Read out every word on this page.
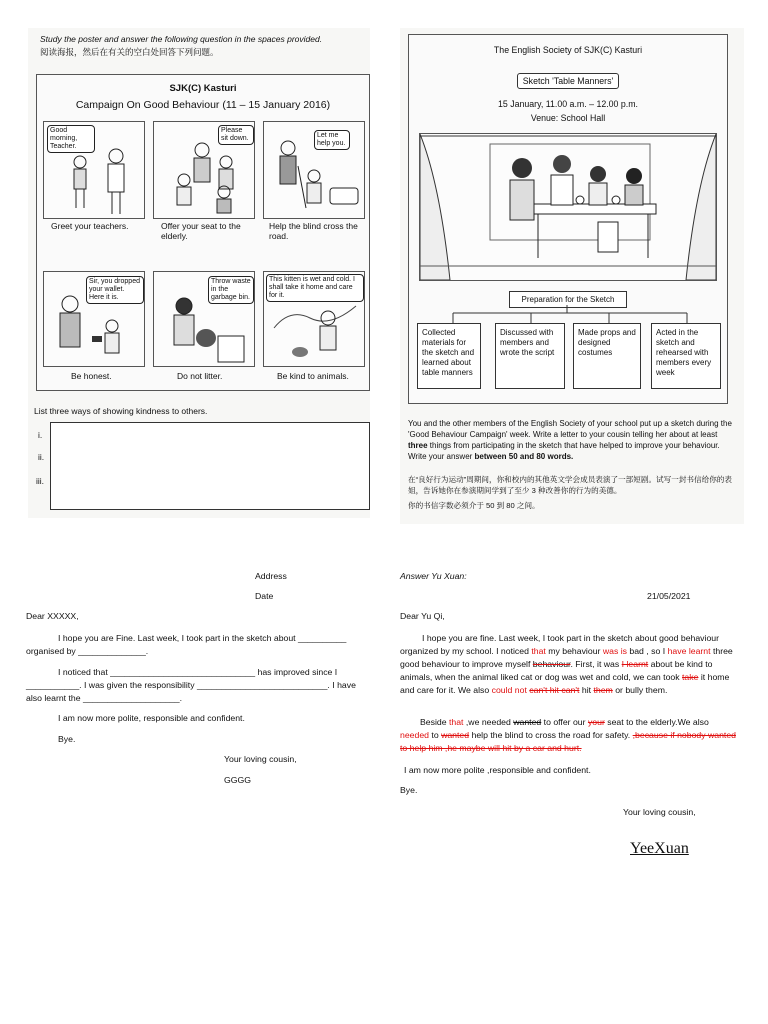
Study the poster and answer the following question in the spaces provided.
阅读海报，然后在有关的空白处回答下列问题。
SJK(C) Kasturi
Campaign On Good Behaviour (11 – 15 January 2016)
Good morning, Teacher.
Greet your teachers.
Please sit down.
Offer your seat to the elderly.
Let me help you.
Help the blind cross the road.
Sir, you dropped your wallet. Here it is.
Be honest.
Throw waste in the garbage bin.
Do not litter.
This kitten is wet and cold. I shall take it home and care for it.
Be kind to animals.
List three ways of showing kindness to others.
i.
ii.
iii.
The English Society of SJK(C) Kasturi
Sketch 'Table Manners'
15 January, 11.00 a.m. – 12.00 p.m.
Venue: School Hall
Preparation for the Sketch
Collected materials for the sketch and learned about table manners
Discussed with members and wrote the script
Made props and designed costumes
Acted in the sketch and rehearsed with members every week
You and the other members of the English Society of your school put up a sketch during the 'Good Behaviour Campaign' week. Write a letter to your cousin telling her about at least three things from participating in the sketch that have helped to improve your behaviour.
Write your answer between 50 and 80 words.
在“良好行为运动”周期间，你和校内的其他英文学会成员表演了一部短剧。试写一封书信给你的表姐，告诉她你在参演期间学到了至少 3 种改善你的行为的美德。
你的书信字数必须介于 50 到 80 之间。
Address
Date
Dear XXXXX,
I hope you are Fine. Last week, I took part in the sketch about __________ organised by ______________.
I noticed that ______________________________ has improved since I ___________. I was given the responsibility ___________________________. I have also learnt the ____________________.
I am now more polite, responsible and confident.
Bye.
Your loving cousin,
GGGG
Answer Yu Xuan:
21/05/2021
Dear Yu Qi,
I hope you are fine. Last week, I took part in the sketch about good behaviour organized by my school. I noticed that my behaviour was is bad , so I have learnt three good behaviour to improve myself behaviour. First, it was I learnt about be kind to animals, when the animal liked cat or dog was wet and cold, we can took take it home and care for it. We also could not can't hit can't hit them or bully them.
Beside that ,we needed wanted to offer our your seat to the elderly.We also needed to wanted help the blind to cross the road for safety. ,because if nobody wanted to help him ,he maybe will hit by a car and hurt.
I am now more polite ,responsible and confident.
Bye.
Your loving cousin,
YeeXuan
